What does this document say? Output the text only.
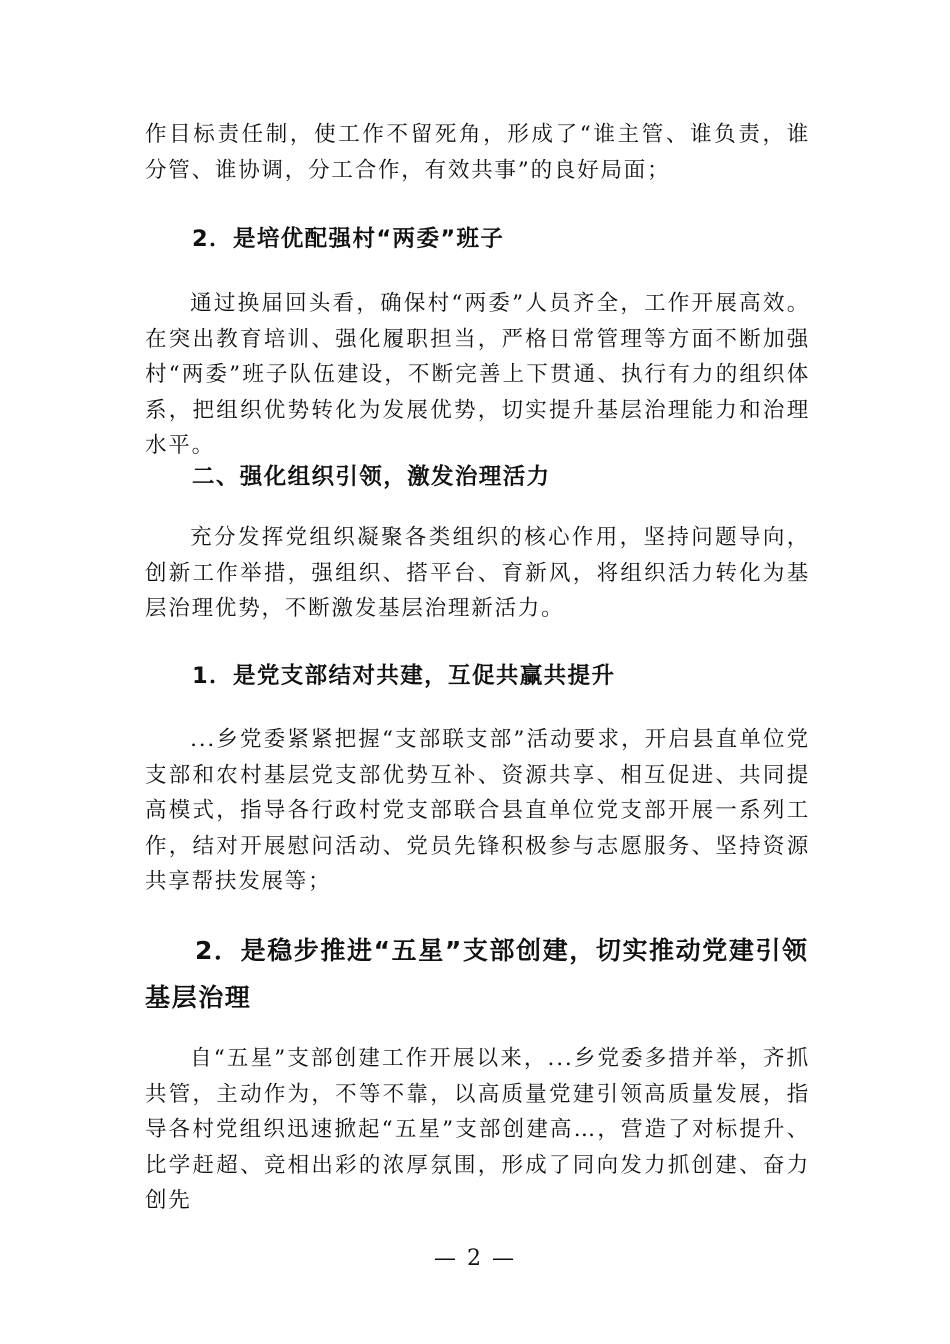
作目标责任制，使工作不留死角，形成了“谁主管、谁负责，谁分管、谁协调，分工合作，有效共事”的良好局面；

2．是培优配强村“两委”班子

通过换届回头看，确保村“两委”人员齐全，工作开展高效。在突出教育培训、强化履职担当，严格日常管理等方面不断加强村“两委”班子队伍建设，不断完善上下贯通、执行有力的组织体系，把组织优势转化为发展优势，切实提升基层治理能力和治理水平。

二、强化组织引领，激发治理活力

充分发挥党组织凝聚各类组织的核心作用，坚持问题导向，创新工作举措，强组织、搭平台、育新风，将组织活力转化为基层治理优势，不断激发基层治理新活力。

1．是党支部结对共建，互促共赢共提升

...乡党委紧紧把握“支部联支部”活动要求，开启县直单位党支部和农村基层党支部优势互补、资源共享、相互促进、共同提高模式，指导各行政村党支部联合县直单位党支部开展一系列工作，结对开展慰问活动、党员先锋积极参与志愿服务、坚持资源共享帮扶发展等；

2．是稳步推进“五星”支部创建，切实推动党建引领基层治理

自“五星”支部创建工作开展以来，...乡党委多措并举，齐抓共管，主动作为，不等不靠，以高质量党建引领高质量发展，指导各村党组织迅速掀起“五星”支部创建高…，营造了对标提升、比学赶超、竞相出彩的浓厚氛围，形成了同向发力抓创建、奋力创先

— 2 —
